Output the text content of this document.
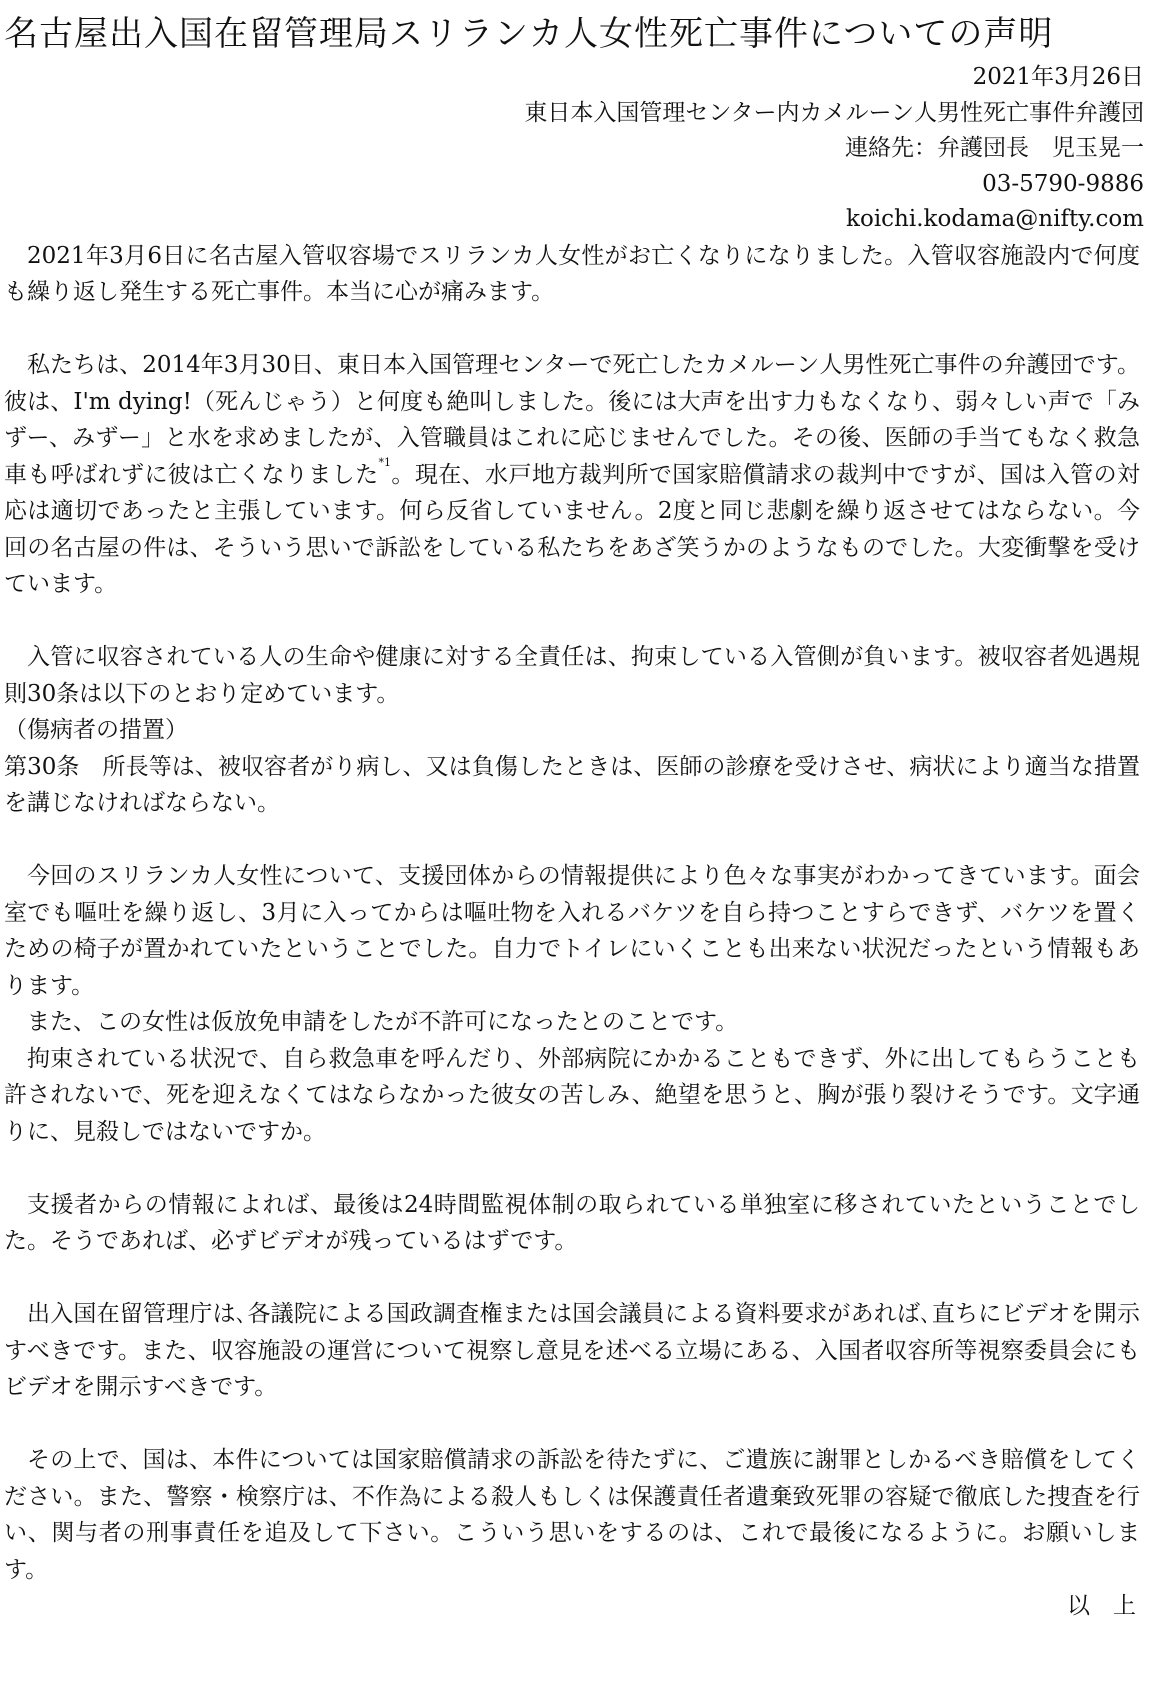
名古屋出入国在留管理局スリランカ人女性死亡事件についての声明
2021年3月26日
東日本入国管理センター内カメルーン人男性死亡事件弁護団
連絡先：弁護団長　児玉晃一
03-5790-9886
koichi.kodama@nifty.com

2021年3月6日に名古屋入管収容場でスリランカ人女性がお亡くなりになりました。入管収容施設内で何度も繰り返し発生する死亡事件。本当に心が痛みます。

私たちは、2014年3月30日、東日本入国管理センターで死亡したカメルーン人男性死亡事件の弁護団です。彼は、I'm dying!（死んじゃう）と何度も絶叫しました。後には大声を出す力もなくなり、弱々しい声で「みずー、みずー」と水を求めましたが、入管職員はこれに応じませんでした。その後、医師の手当てもなく救急車も呼ばれずに彼は亡くなりました$^{*1}$。現在、水戸地方裁判所で国家賠償請求の裁判中ですが、国は入管の対応は適切であったと主張しています。何ら反省していません。2度と同じ悲劇を繰り返させてはならない。今回の名古屋の件は、そういう思いで訴訟をしている私たちをあざ笑うかのようなものでした。大変衝撃を受けています。

入管に収容されている人の生命や健康に対する全責任は、拘束している入管側が負います。被収容者処遇規則30条は以下のとおり定めています。

（傷病者の措置）

第30条　所長等は、被収容者がり病し、又は負傷したときは、医師の診療を受けさせ、病状により適当な措置を講じなければならない。

今回のスリランカ人女性について、支援団体からの情報提供により色々な事実がわかってきています。面会室でも嘔吐を繰り返し、3月に入ってからは嘔吐物を入れるバケツを自ら持つことすらできず、バケツを置くための椅子が置かれていたということでした。自力でトイレにいくことも出来ない状況だったという情報もあります。

また、この女性は仮放免申請をしたが不許可になったとのことです。

拘束されている状況で、自ら救急車を呼んだり、外部病院にかかることもできず、外に出してもらうことも許されないで、死を迎えなくてはならなかった彼女の苦しみ、絶望を思うと、胸が張り裂けそうです。文字通りに、見殺しではないですか。

支援者からの情報によれば、最後は24時間監視体制の取られている単独室に移されていたということでした。そうであれば、必ずビデオが残っているはずです。

出入国在留管理庁は､各議院による国政調査権または国会議員による資料要求があれば､直ちにビデオを開示すべきです。また、収容施設の運営について視察し意見を述べる立場にある、入国者収容所等視察委員会にもビデオを開示すべきです。

その上で、国は、本件については国家賠償請求の訴訟を待たずに、ご遺族に謝罪としかるべき賠償をしてください。また、警察・検察庁は、不作為による殺人もしくは保護責任者遺棄致死罪の容疑で徹底した捜査を行い、関与者の刑事責任を追及して下さい。こういう思いをするのは、これで最後になるように。お願いします。

以　上
